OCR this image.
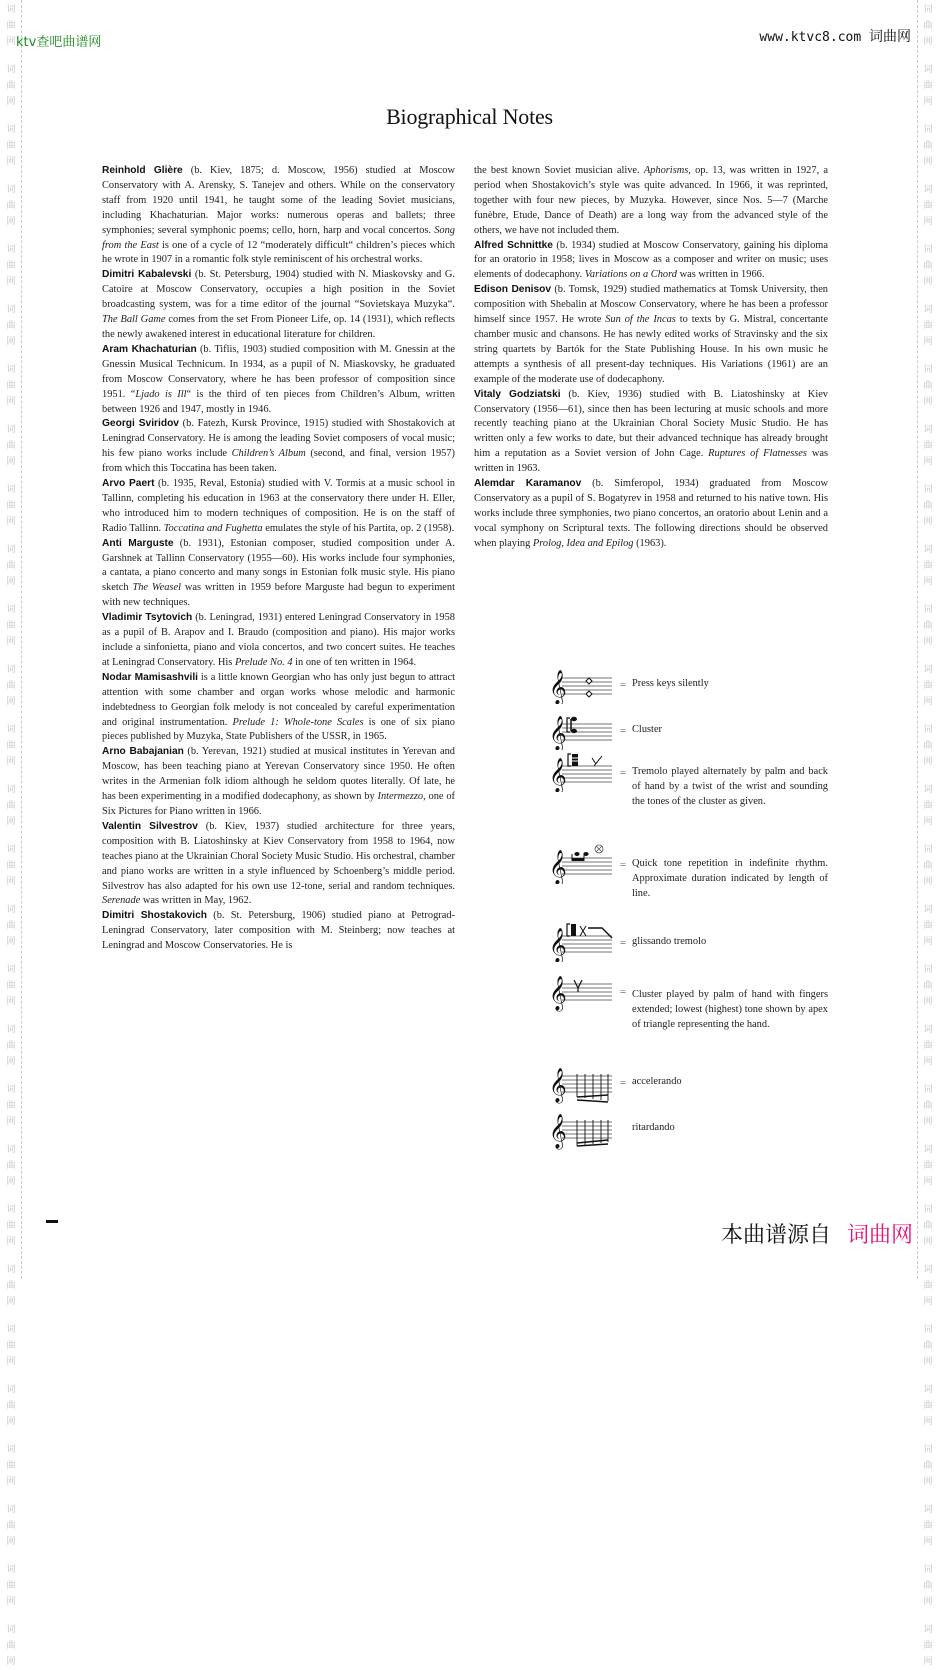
词
曲
网
词
曲
网
词
曲
网
词
曲
网
词
曲
网
词
曲
网
词
曲
网
词
曲
网
词
曲
网
词
曲
网
词
曲
网
词
曲
网
词
曲
网
词
曲
网
词
曲
网
词
曲
网
词
曲
网
词
曲
网
词
曲
网
词
曲
网
词
曲
网
词
曲
网
词
曲
网
词
曲
网
词
曲
网
词
曲
网
词
曲
网
词
曲
网
词
曲
网
词
曲
网
词
曲
网
词
曲
网
词
曲
网
词
曲
网
词
曲
网
词
曲
网
词
曲
网
词
曲
网
词
曲
网
词
曲
网
词
曲
网
词
曲
网
词
曲
网
词
曲
网
词
曲
网
词
曲
网
词
曲
网
词
曲
网
词
曲
网
词
曲
网
词
曲
网
词
曲
网
词
曲
网
词
曲
网
词
曲
网
词
曲
网
ktv查吧曲谱网	www.ktvc8.com 词曲网
Biographical Notes

Reinhold Glière (b. Kiev, 1875; d. Moscow, 1956) studied at Moscow Conservatory with A. Arensky, S. Tanejev and others. While on the conservatory staff from 1920 until 1941, he taught some of the leading Soviet musicians, including Khachaturian. Major works: numerous operas and ballets; three symphonies; several symphonic poems; cello, horn, harp and vocal concertos. Song from the East is one of a cycle of 12 “moderately difficult“ children’s pieces which he wrote in 1907 in a romantic folk style reminiscent of his orchestral works.

Dimitri Kabalevski (b. St. Petersburg, 1904) studied with N. Miaskovsky and G. Catoire at Moscow Conservatory, occupies a high position in the Soviet broadcasting system, was for a time editor of the journal “Sovietskaya Muzyka“. The Ball Game comes from the set From Pioneer Life, op. 14 (1931), which reflects the newly awakened interest in educational literature for children.

Aram Khachaturian (b. Tiflis, 1903) studied composition with M. Gnessin at the Gnessin Musical Technicum. In 1934, as a pupil of N. Miaskovsky, he graduated from Moscow Conservatory, where he has been professor of composition since 1951. “Ljado is Ill“ is the third of ten pieces from Children’s Album, written between 1926 and 1947, mostly in 1946.

Georgi Sviridov (b. Fatezh, Kursk Province, 1915) studied with Shostakovich at Leningrad Conservatory. He is among the leading Soviet composers of vocal music; his few piano works include Children’s Album (second, and final, version 1957) from which this Toccatina has been taken.

Arvo Paert (b. 1935, Reval, Estonia) studied with V. Tormis at a music school in Tallinn, completing his education in 1963 at the conservatory there under H. Eller, who introduced him to modern techniques of composition. He is on the staff of Radio Tallinn. Toccatina and Fughetta emulates the style of his Partita, op. 2 (1958).

Anti Marguste (b. 1931), Estonian composer, studied composition under A. Garshnek at Tallinn Conservatory (1955—60). His works include four symphonies, a cantata, a piano concerto and many songs in Estonian folk music style. His piano sketch The Weasel was written in 1959 before Marguste had begun to experiment with new techniques.

Vladimir Tsytovich (b. Leningrad, 1931) entered Leningrad Conservatory in 1958 as a pupil of B. Arapov and I. Braudo (composition and piano). His major works include a sinfonietta, piano and viola concertos, and two concert suites. He teaches at Leningrad Conservatory. His Prelude No. 4 in one of ten written in 1964.

Nodar Mamisashvili is a little known Georgian who has only just begun to attract attention with some chamber and organ works whose melodic and harmonic indebtedness to Georgian folk melody is not concealed by careful experimentation and original instrumentation. Prelude 1: Whole-tone Scales is one of six piano pieces published by Muzyka, State Publishers of the USSR, in 1965.

Arno Babajanian (b. Yerevan, 1921) studied at musical institutes in Yerevan and Moscow, has been teaching piano at Yerevan Conservatory since 1950. He often writes in the Armenian folk idiom although he seldom quotes literally. Of late, he has been experimenting in a modified dodecaphony, as shown by Intermezzo, one of Six Pictures for Piano written in 1966.

Valentin Silvestrov (b. Kiev, 1937) studied architecture for three years, composition with B. Liatoshinsky at Kiev Conservatory from 1958 to 1964, now teaches piano at the Ukrainian Choral Society Music Studio. His orchestral, chamber and piano works are written in a style influenced by Schoenberg’s middle period. Silvestrov has also adapted for his own use 12-tone, serial and random techniques. Serenade was written in May, 1962.

Dimitri Shostakovich (b. St. Petersburg, 1906) studied piano at Petrograd-Leningrad Conservatory, later composition with M. Steinberg; now teaches at Leningrad and Moscow Conservatories. He is

the best known Soviet musician alive. Aphorisms, op. 13, was written in 1927, a period when Shostakovich’s style was quite advanced. In 1966, it was reprinted, together with four new pieces, by Muzyka. However, since Nos. 5—7 (Marche funèbre, Etude, Dance of Death) are a long way from the advanced style of the others, we have not included them.

Alfred Schnittke (b. 1934) studied at Moscow Conservatory, gaining his diploma for an oratorio in 1958; lives in Moscow as a composer and writer on music; uses elements of dodecaphony. Variations on a Chord was written in 1966.

Edison Denisov (b. Tomsk, 1929) studied mathematics at Tomsk University, then composition with Shebalin at Moscow Conservatory, where he has been a professor himself since 1957. He wrote Sun of the Incas to texts by G. Mistral, concertante chamber music and chansons. He has newly edited works of Stravinsky and the six string quartets by Bartók for the State Publishing House. In his own music he attempts a synthesis of all present-day techniques. His Variations (1961) are an example of the moderate use of dodecaphony.

Vitaly Godziatski (b. Kiev, 1936) studied with B. Liatoshinsky at Kiev Conservatory (1956—61), since then has been lecturing at music schools and more recently teaching piano at the Ukrainian Choral Society Music Studio. He has written only a few works to date, but their advanced technique has already brought him a reputation as a Soviet version of John Cage. Ruptures of Flatnesses was written in 1963.

Alemdar Karamanov (b. Simferopol, 1934) graduated from Moscow Conservatory as a pupil of S. Bogatyrev in 1958 and returned to his native town. His works include three symphonies, two piano concertos, an oratorio about Lenin and a vocal symphony on Scriptural texts. The following directions should be observed when playing Prolog, Idea and Epilog (1963).

𝄞	= Press keys silently
𝄞	= Cluster
𝄞	= Tremolo played alternately by palm and back of hand by a twist of the wrist and sounding the tones of the cluster as given.
𝄞	= Quick tone repetition in indefinite rhythm. Approximate duration indicated by length of line.
𝄞	= glissando tremolo
𝄞	= Cluster played by palm of hand with fingers extended; lowest (highest) tone shown by apex of triangle representing the hand.
𝄞	= accelerando
𝄞	ritardando
本曲谱源自 词曲网
